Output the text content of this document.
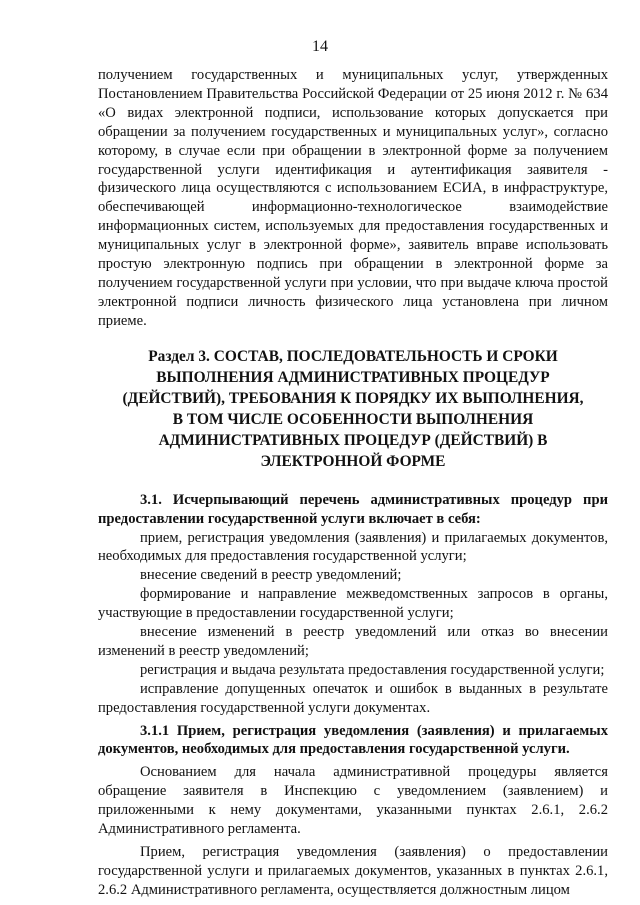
14

получением государственных и муниципальных услуг, утвержденных Постановлением Правительства Российской Федерации от 25 июня 2012 г. № 634 «О видах электронной подписи, использование которых допускается при обращении за получением государственных и муниципальных услуг», согласно которому, в случае если при обращении в электронной форме за получением государственной услуги идентификация и аутентификация заявителя - физического лица осуществляются с использованием ЕСИА, в инфраструктуре, обеспечивающей информационно-технологическое взаимодействие информационных систем, используемых для предоставления государственных и муниципальных услуг в электронной форме», заявитель вправе использовать простую электронную подпись при обращении в электронной форме за получением государственной услуги при условии, что при выдаче ключа простой электронной подписи личность физического лица установлена при личном приеме.

Раздел 3. СОСТАВ, ПОСЛЕДОВАТЕЛЬНОСТЬ И СРОКИ ВЫПОЛНЕНИЯ АДМИНИСТРАТИВНЫХ ПРОЦЕДУР (ДЕЙСТВИЙ), ТРЕБОВАНИЯ К ПОРЯДКУ ИХ ВЫПОЛНЕНИЯ, В ТОМ ЧИСЛЕ ОСОБЕННОСТИ ВЫПОЛНЕНИЯ АДМИНИСТРАТИВНЫХ ПРОЦЕДУР (ДЕЙСТВИЙ) В ЭЛЕКТРОННОЙ ФОРМЕ

3.1. Исчерпывающий перечень административных процедур при предоставлении государственной услуги включает в себя:

прием, регистрация уведомления (заявления) и прилагаемых документов, необходимых для предоставления государственной услуги;

внесение сведений в реестр уведомлений;

формирование и направление межведомственных запросов в органы, участвующие в предоставлении государственной услуги;

внесение изменений в реестр уведомлений или отказ во внесении изменений в реестр уведомлений;

регистрация и выдача результата предоставления государственной услуги;

исправление допущенных опечаток и ошибок в выданных в результате предоставления государственной услуги документах.

3.1.1 Прием, регистрация уведомления (заявления) и прилагаемых документов, необходимых для предоставления государственной услуги.

Основанием для начала административной процедуры является обращение заявителя в Инспекцию с уведомлением (заявлением) и приложенными к нему документами, указанными пунктах 2.6.1, 2.6.2 Административного регламента.

Прием, регистрация уведомления (заявления) о предоставлении государственной услуги и прилагаемых документов, указанных в пунктах 2.6.1, 2.6.2 Административного регламента, осуществляется должностным лицом
